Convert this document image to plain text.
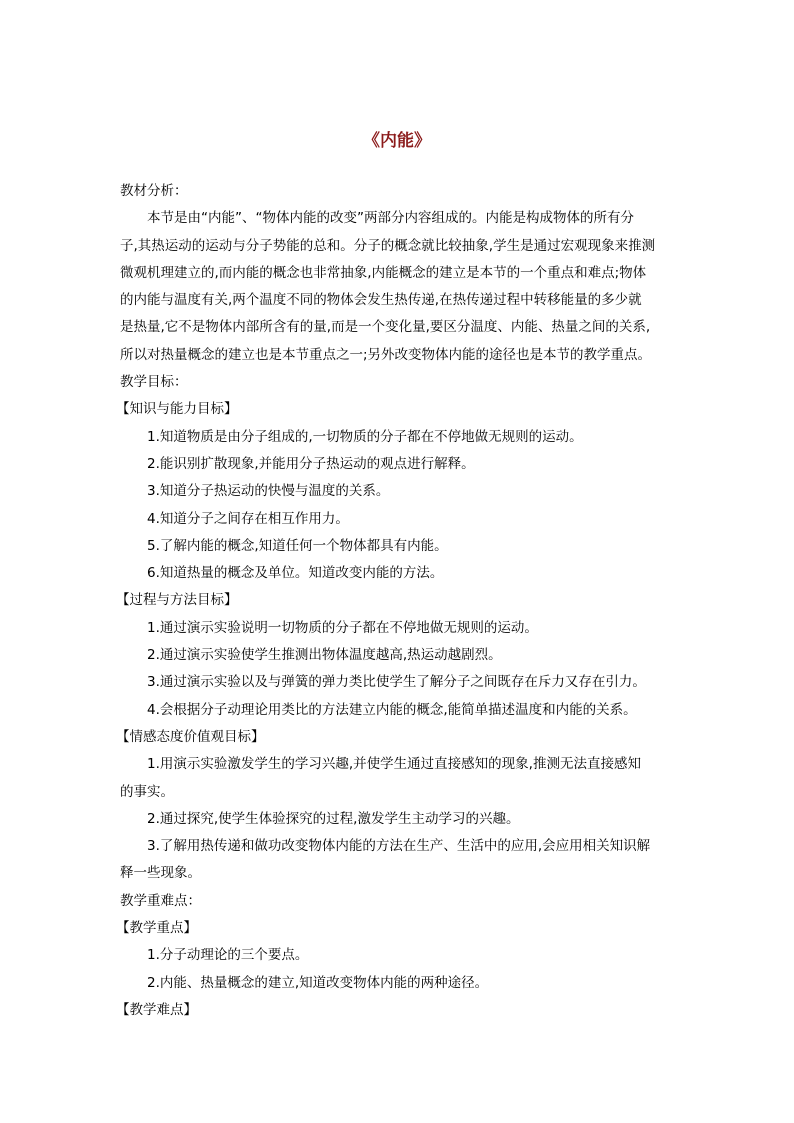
《内能》
教材分析：
本节是由“内能”、“物体内能的改变”两部分内容组成的。内能是构成物体的所有分
子,其热运动的运动与分子势能的总和。分子的概念就比较抽象,学生是通过宏观现象来推测
微观机理建立的,而内能的概念也非常抽象,内能概念的建立是本节的一个重点和难点;物体
的内能与温度有关,两个温度不同的物体会发生热传递,在热传递过程中转移能量的多少就
是热量,它不是物体内部所含有的量,而是一个变化量,要区分温度、内能、热量之间的关系,
所以对热量概念的建立也是本节重点之一;另外改变物体内能的途径也是本节的教学重点。
教学目标：
【知识与能力目标】
1.知道物质是由分子组成的,一切物质的分子都在不停地做无规则的运动。
2.能识别扩散现象,并能用分子热运动的观点进行解释。
3.知道分子热运动的快慢与温度的关系。
4.知道分子之间存在相互作用力。
5.了解内能的概念,知道任何一个物体都具有内能。
6.知道热量的概念及单位。知道改变内能的方法。
【过程与方法目标】
1.通过演示实验说明一切物质的分子都在不停地做无规则的运动。
2.通过演示实验使学生推测出物体温度越高,热运动越剧烈。
3.通过演示实验以及与弹簧的弹力类比使学生了解分子之间既存在斥力又存在引力。
4.会根据分子动理论用类比的方法建立内能的概念,能简单描述温度和内能的关系。
【情感态度价值观目标】
1.用演示实验激发学生的学习兴趣,并使学生通过直接感知的现象,推测无法直接感知
的事实。
2.通过探究,使学生体验探究的过程,激发学生主动学习的兴趣。
3.了解用热传递和做功改变物体内能的方法在生产、生活中的应用,会应用相关知识解
释一些现象。
教学重难点：
【教学重点】
1.分子动理论的三个要点。
2.内能、热量概念的建立,知道改变物体内能的两种途径。
【教学难点】
